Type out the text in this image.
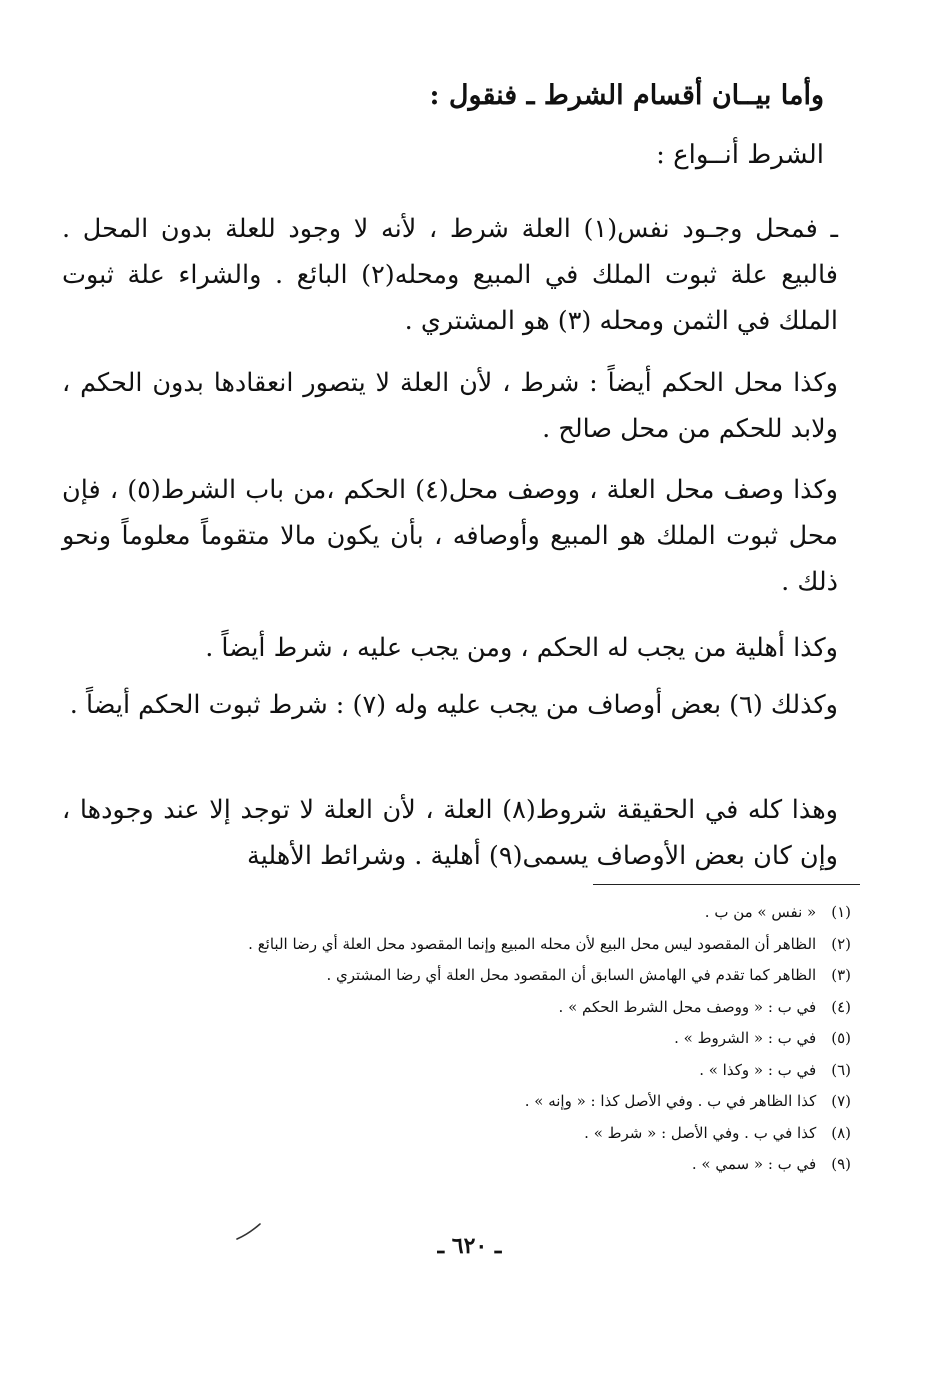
وأما بيــان أقسام الشرط ـ فنقول :
الشرط أنــواع :

ـ فمحل وجـود نفس(١) العلة شرط ، لأنه لا وجود للعلة بدون المحل . فالبيع علة ثبوت الملك في المبيع ومحله(٢) البائع . والشراء علة ثبوت الملك في الثمن ومحله (٣) هو المشتري .

وكذا محل الحكم أيضاً : شرط ، لأن العلة لا يتصور انعقادها بدون الحكم ، ولابد للحكم من محل صالح .

وكذا وصف محل العلة ، ووصف محل(٤) الحكم ،من باب الشرط(٥) ، فإن محل ثبوت الملك هو المبيع وأوصافه ، بأن يكون مالا متقوماً معلوماً ونحو ذلك .

وكذا أهلية من يجب له الحكم ، ومن يجب عليه ، شرط أيضاً .

وكذلك (٦) بعض أوصاف من يجب عليه وله (٧) : شرط ثبوت الحكم أيضاً .

وهذا كله في الحقيقة شروط(٨) العلة ، لأن العلة لا توجد إلا عند وجودها ، وإن كان بعض الأوصاف يسمى(٩) أهلية . وشرائط الأهلية

(١) « نفس » من ب .
(٢) الظاهر أن المقصود ليس محل البيع لأن محله المبيع وإنما المقصود محل العلة أي رضا البائع .
(٣) الظاهر كما تقدم في الهامش السابق أن المقصود محل العلة أي رضا المشتري .
(٤) في ب : « ووصف محل الشرط الحكم » .
(٥) في ب : « الشروط » .
(٦) في ب : « وكذا » .
(٧) كذا الظاهر في ب . وفي الأصل كذا : « وإنه » .
(٨) كذا في ب . وفي الأصل : « شرط » .
(٩) في ب : « سمي » .
ـ ٦٢٠ ـ
